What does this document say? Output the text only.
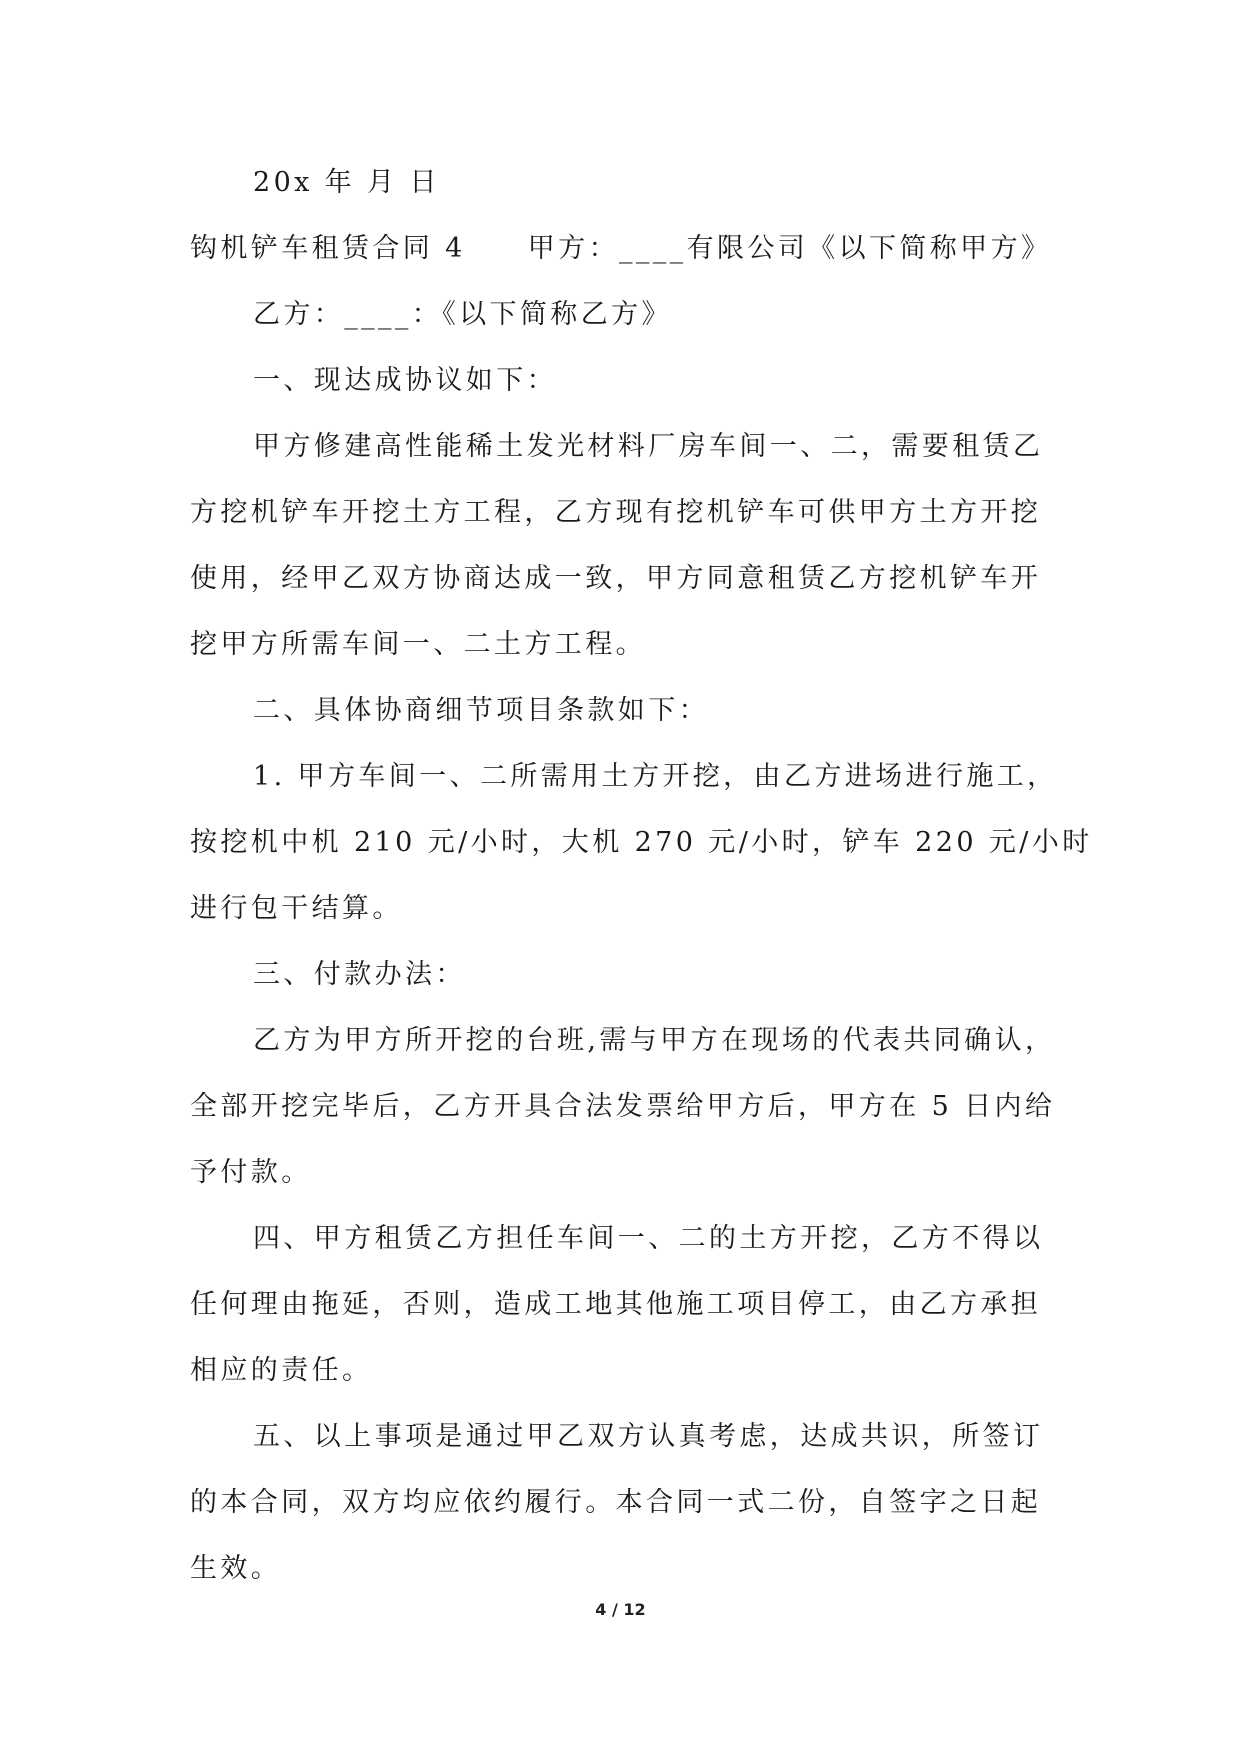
20x 年 月 日
钩机铲车租赁合同 4 甲方：____有限公司《以下简称甲方》
乙方：____：《以下简称乙方》
一、现达成协议如下：
甲方修建高性能稀土发光材料厂房车间一、二，需要租赁乙
方挖机铲车开挖土方工程，乙方现有挖机铲车可供甲方土方开挖
使用，经甲乙双方协商达成一致，甲方同意租赁乙方挖机铲车开
挖甲方所需车间一、二土方工程。
二、具体协商细节项目条款如下：
1. 甲方车间一、二所需用土方开挖，由乙方进场进行施工，
按挖机中机 210 元/小时，大机 270 元/小时，铲车 220 元/小时
进行包干结算。
三、付款办法：
乙方为甲方所开挖的台班,需与甲方在现场的代表共同确认，
全部开挖完毕后，乙方开具合法发票给甲方后，甲方在 5 日内给
予付款。
四、甲方租赁乙方担任车间一、二的土方开挖，乙方不得以
任何理由拖延，否则，造成工地其他施工项目停工，由乙方承担
相应的责任。
五、以上事项是通过甲乙双方认真考虑，达成共识，所签订
的本合同，双方均应依约履行。本合同一式二份，自签字之日起
生效。
4 / 12
